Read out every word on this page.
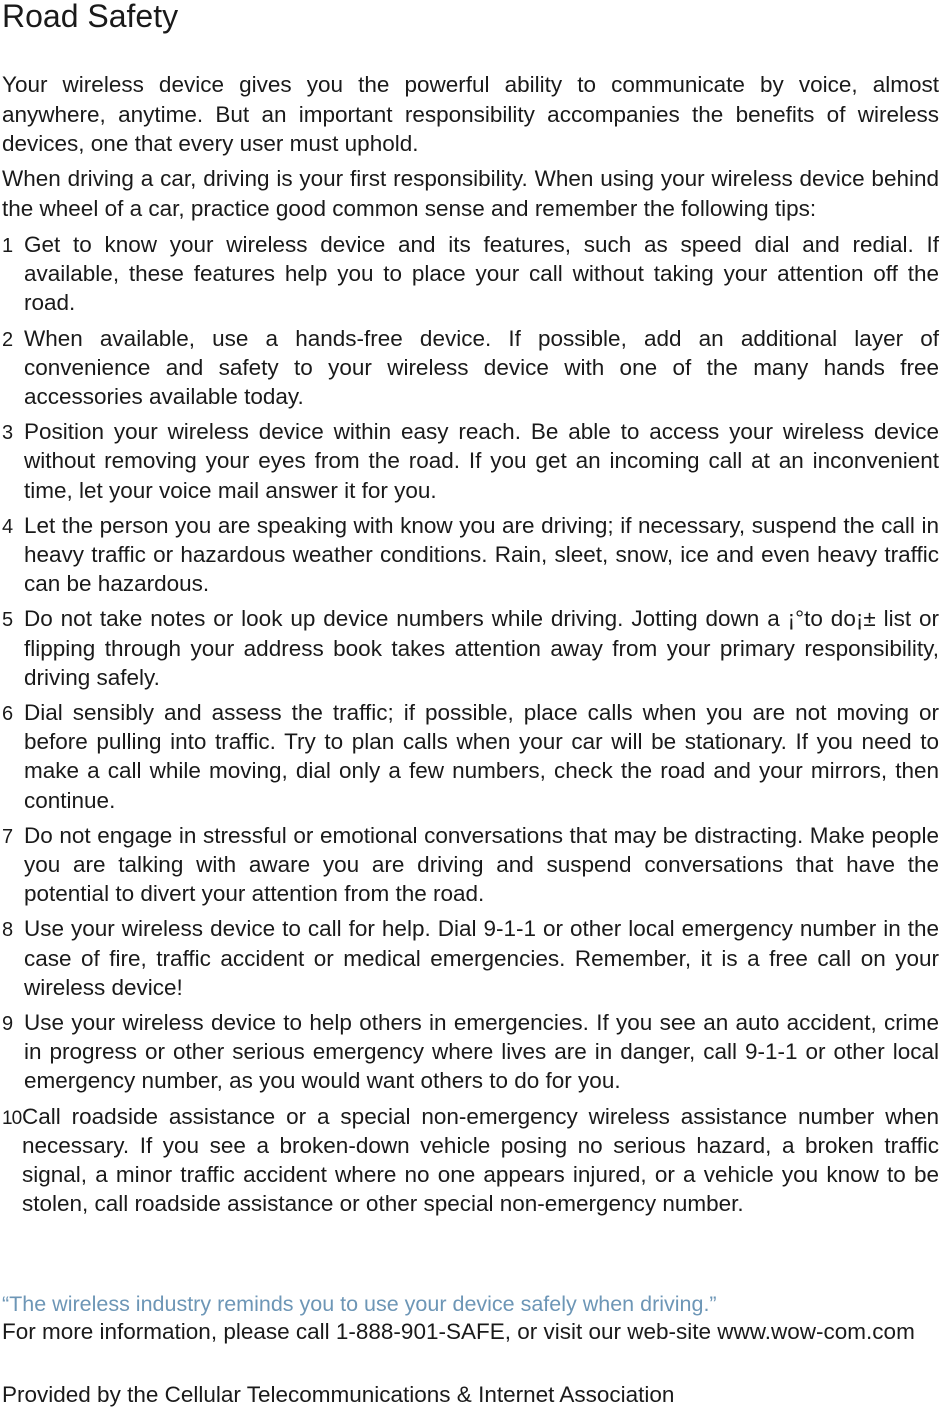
Road Safety

Your wireless device gives you the powerful ability to communicate by voice, almost anywhere, anytime. But an important responsibility accompanies the benefits of wireless devices, one that every user must uphold.

When driving a car, driving is your first responsibility. When using your wireless device behind the wheel of a car, practice good common sense and remember the following tips:

1 Get to know your wireless device and its features, such as speed dial and redial. If available, these features help you to place your call without taking your attention off the road.
2 When available, use a hands-free device. If possible, add an additional layer of convenience and safety to your wireless device with one of the many hands free accessories available today.
3 Position your wireless device within easy reach. Be able to access your wireless device without removing your eyes from the road. If you get an incoming call at an inconvenient time, let your voice mail answer it for you.
4 Let the person you are speaking with know you are driving; if necessary, suspend the call in heavy traffic or hazardous weather conditions. Rain, sleet, snow, ice and even heavy traffic can be hazardous.
5 Do not take notes or look up device numbers while driving. Jotting down a ¡°to do¡± list or flipping through your address book takes attention away from your primary responsibility, driving safely.
6 Dial sensibly and assess the traffic; if possible, place calls when you are not moving or before pulling into traffic. Try to plan calls when your car will be stationary. If you need to make a call while moving, dial only a few numbers, check the road and your mirrors, then continue.
7 Do not engage in stressful or emotional conversations that may be distracting. Make people you are talking with aware you are driving and suspend conversations that have the potential to divert your attention from the road.
8 Use your wireless device to call for help. Dial 9-1-1 or other local emergency number in the case of fire, traffic accident or medical emergencies. Remember, it is a free call on your wireless device!
9 Use your wireless device to help others in emergencies. If you see an auto accident, crime in progress or other serious emergency where lives are in danger, call 9-1-1 or other local emergency number, as you would want others to do for you.
10 Call roadside assistance or a special non-emergency wireless assistance number when necessary. If you see a broken-down vehicle posing no serious hazard, a broken traffic signal, a minor traffic accident where no one appears injured, or a vehicle you know to be stolen, call roadside assistance or other special non-emergency number.

“The wireless industry reminds you to use your device safely when driving.”

For more information, please call 1-888-901-SAFE, or visit our web-site www.wow-com.com

Provided by the Cellular Telecommunications & Internet Association
